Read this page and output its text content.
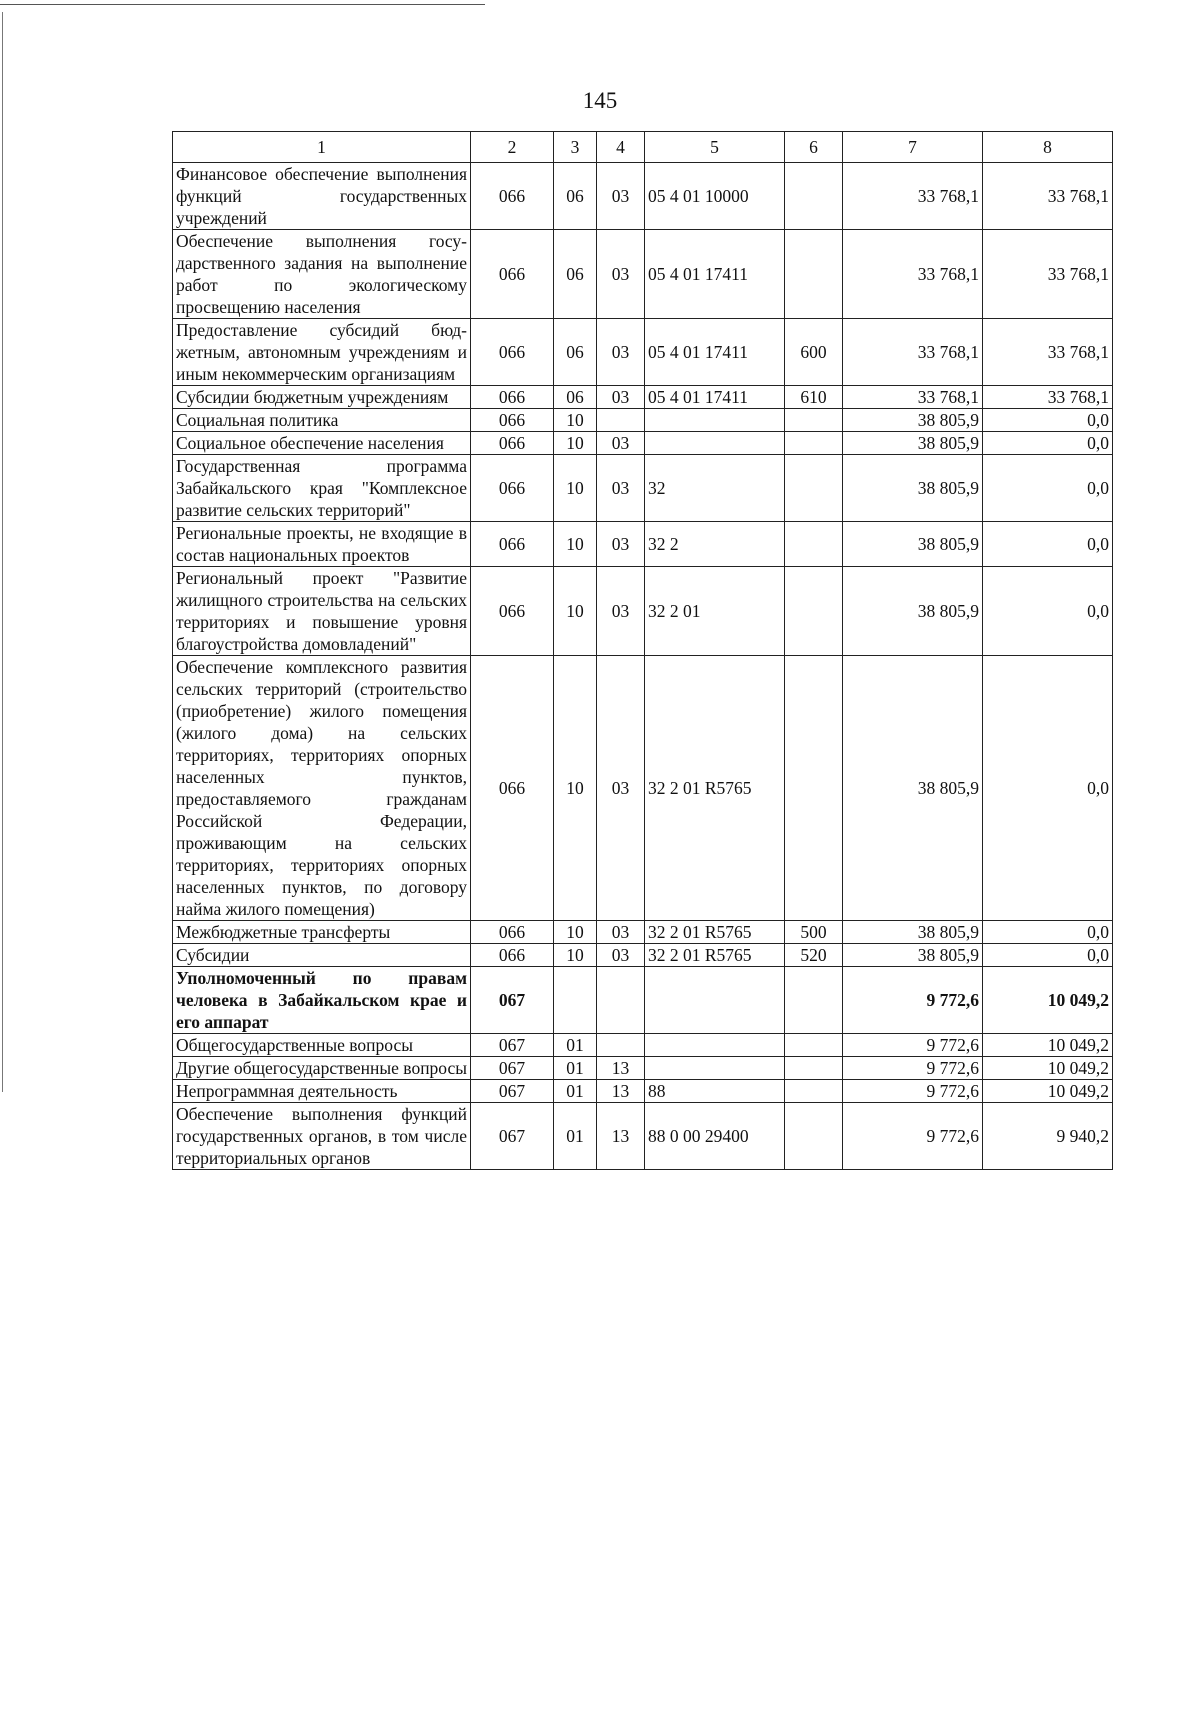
145
1	2	3	4	5	6	7	8
Финансовое обеспечение выполнения функций государственных учреждений	066	06	03	05 4 01 10000		33 768,1	33 768,1
Обеспечение выполнения государственного задания на выполнение работ по экологическому просвещению населения	066	06	03	05 4 01 17411		33 768,1	33 768,1
Предоставление субсидий бюджетным, автономным учреждениям и иным некоммерческим организациям	066	06	03	05 4 01 17411	600	33 768,1	33 768,1
Субсидии бюджетным учреждениям	066	06	03	05 4 01 17411	610	33 768,1	33 768,1
Социальная политика	066	10				38 805,9	0,0
Социальное обеспечение населения	066	10	03			38 805,9	0,0
Государственная программа Забайкальского края "Комплексное развитие сельских территорий"	066	10	03	32		38 805,9	0,0
Региональные проекты, не входящие в состав национальных проектов	066	10	03	32 2		38 805,9	0,0
Региональный проект "Развитие жилищного строительства на сельских территориях и повышение уровня благоустройства домовладений"	066	10	03	32 2 01		38 805,9	0,0
Обеспечение комплексного развития сельских территорий (строительство (приобретение) жилого помещения (жилого дома) на сельских территориях, территориях опорных населенных пунктов, предоставляемого гражданам Российской Федерации, проживающим на сельских территориях, территориях опорных населенных пунктов, по договору найма жилого помещения)	066	10	03	32 2 01 R5765		38 805,9	0,0
Межбюджетные трансферты	066	10	03	32 2 01 R5765	500	38 805,9	0,0
Субсидии	066	10	03	32 2 01 R5765	520	38 805,9	0,0
Уполномоченный по правам человека в Забайкальском крае и его аппарат	067					9 772,6	10 049,2
Общегосударственные вопросы	067	01				9 772,6	10 049,2
Другие общегосударственные вопросы	067	01	13			9 772,6	10 049,2
Непрограммная деятельность	067	01	13	88		9 772,6	10 049,2
Обеспечение выполнения функций государственных органов, в том числе территориальных органов	067	01	13	88 0 00 29400		9 772,6	9 940,2
